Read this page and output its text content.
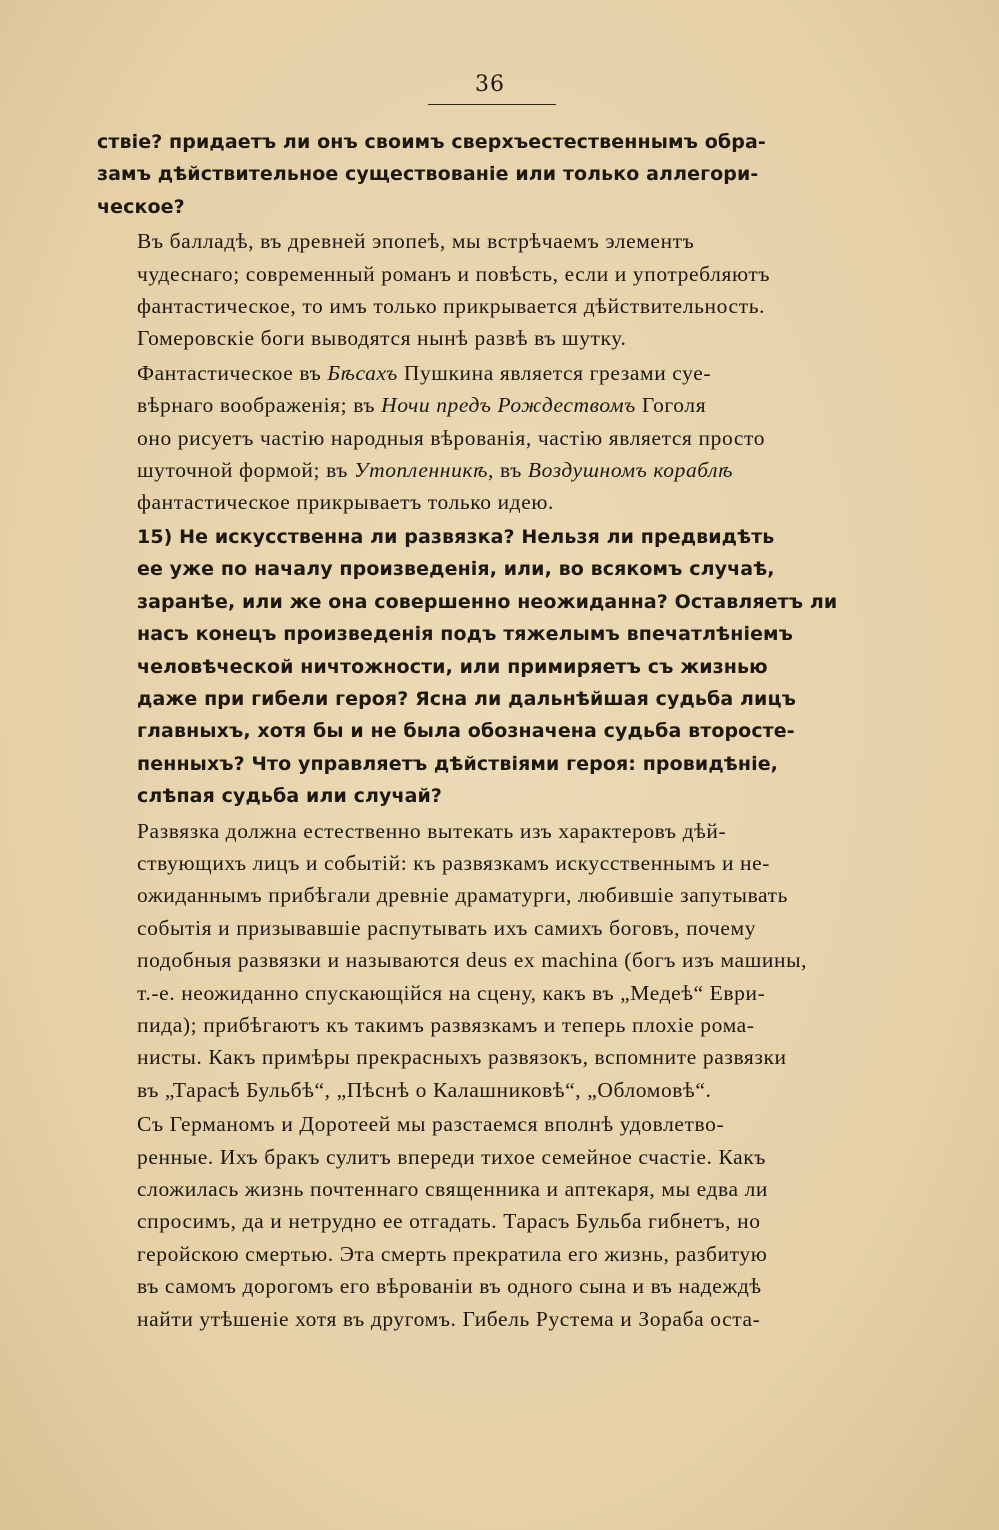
36

ствіе? придаетъ ли онъ своимъ сверхъестественнымъ обра-
замъ дѣйствительное существованіе или только аллегори-
ческое?

Въ балладѣ, въ древней эпопеѣ, мы встрѣчаемъ элементъ
чудеснаго; современный романъ и повѣсть, если и употребляютъ
фантастическое, то имъ только прикрывается дѣйствительность.
Гомеровскіе боги выводятся нынѣ развѣ въ шутку.

Фантастическое въ Бѣсахъ Пушкина является грезами суе-
вѣрнаго воображенія; въ Ночи предъ Рождествомъ Гоголя
оно рисуетъ частію народныя вѣрованія, частію является просто
шуточной формой; въ Утопленникѣ, въ Воздушномъ кораблѣ
фантастическое прикрываетъ только идею.

15) Не искусственна ли развязка? Нельзя ли предвидѣть
ее уже по началу произведенія, или, во всякомъ случаѣ,
заранѣе, или же она совершенно неожиданна? Оставляетъ ли
насъ конецъ произведенія подъ тяжелымъ впечатлѣніемъ
человѣческой ничтожности, или примиряетъ съ жизнью
даже при гибели героя? Ясна ли дальнѣйшая судьба лицъ
главныхъ, хотя бы и не была обозначена судьба второсте-
пенныхъ? Что управляетъ дѣйствіями героя: провидѣніе,
слѣпая судьба или случай?

Развязка должна естественно вытекать изъ характеровъ дѣй-
ствующихъ лицъ и событій: къ развязкамъ искусственнымъ и не-
ожиданнымъ прибѣгали древніе драматурги, любившіе запутывать
событія и призывавшіе распутывать ихъ самихъ боговъ, почему
подобныя развязки и называются deus ex machina (богъ изъ машины,
т.-е. неожиданно спускающійся на сцену, какъ въ „Медеѣ“ Еври-
пида); прибѣгаютъ къ такимъ развязкамъ и теперь плохіе рома-
нисты. Какъ примѣры прекрасныхъ развязокъ, вспомните развязки
въ „Тарасѣ Бульбѣ“, „Пѣснѣ о Калашниковѣ“, „Обломовѣ“.

Съ Германомъ и Доротеей мы разстаемся вполнѣ удовлетво-
ренные. Ихъ бракъ сулитъ впереди тихое семейное счастіе. Какъ
сложилась жизнь почтеннаго священника и аптекаря, мы едва ли
спросимъ, да и нетрудно ее отгадать. Тарасъ Бульба гибнетъ, но
геройскою смертью. Эта смерть прекратила его жизнь, разбитую
въ самомъ дорогомъ его вѣрованіи въ одного сына и въ надеждѣ
найти утѣшеніе хотя въ другомъ. Гибель Рустема и Зораба оста-
